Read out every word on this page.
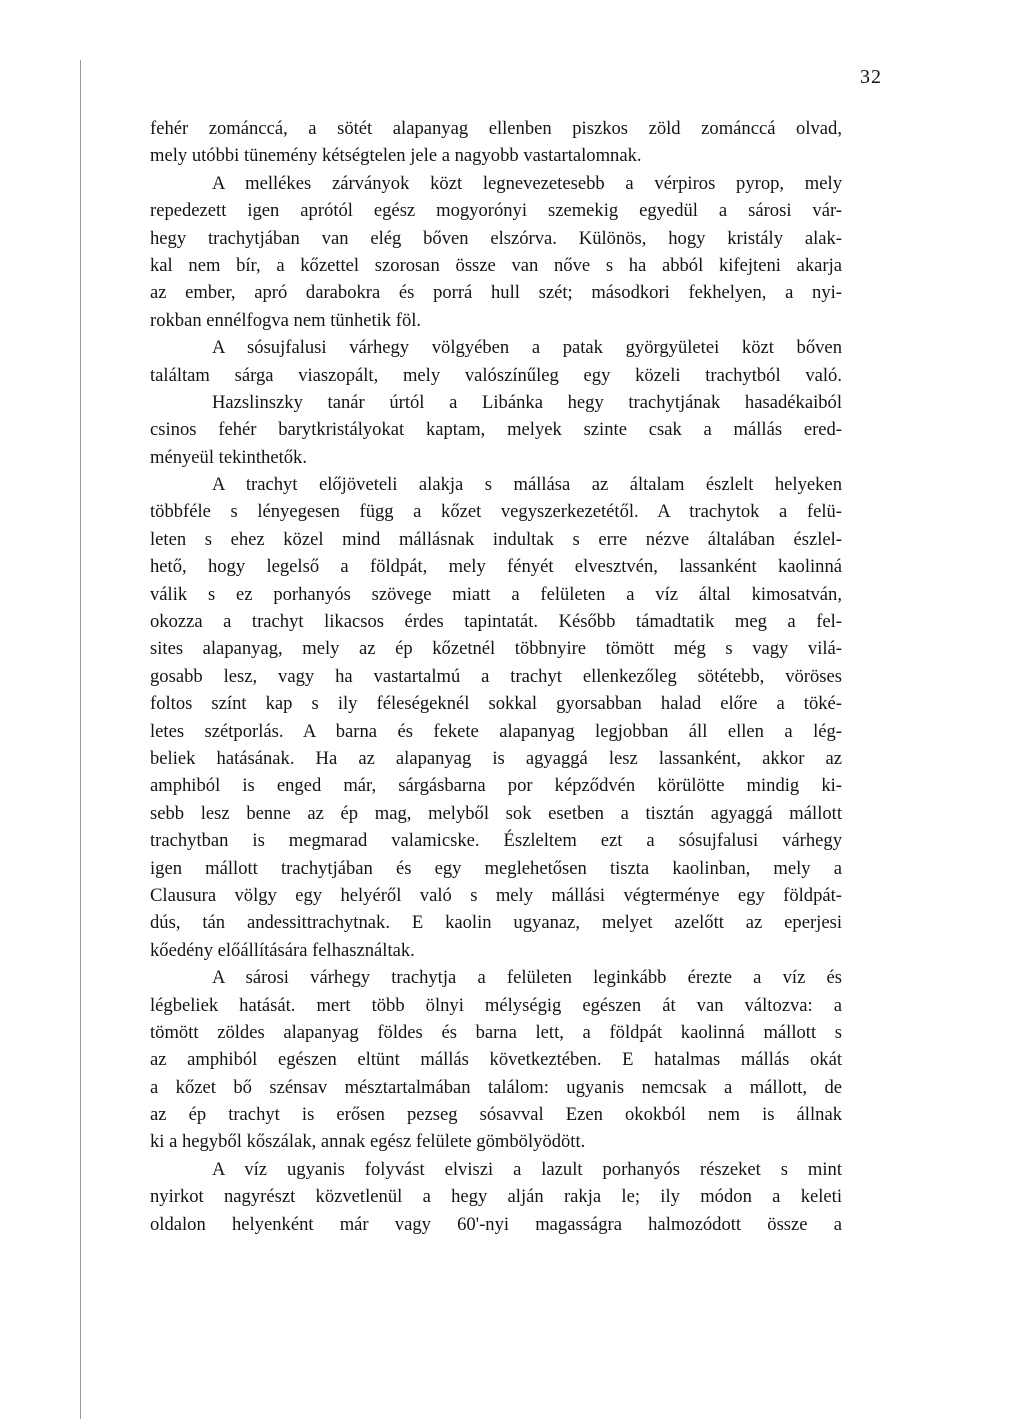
32
fehér zománccá, a sötét alapanyag ellenben piszkos zöld zománccá olvad,
mely utóbbi tünemény kétségtelen jele a nagyobb vastartalomnak.
A mellékes zárványok közt legnevezetesebb a vérpiros pyrop, mely
repedezett igen aprótól egész mogyorónyi szemekig egyedül a sárosi vár-
hegy trachytjában van elég bőven elszórva. Különös, hogy kristály alak-
kal nem bír, a kőzettel szorosan össze van nőve s ha abból kifejteni akarja
az ember, apró darabokra és porrá hull szét; másodkori fekhelyen, a nyi-
rokban ennélfogva nem tünhetik föl.
A sósujfalusi várhegy völgyében a patak györgyületei közt bőven
találtam sárga viaszopált, mely valószínűleg egy közeli trachytból való.
Hazslinszky tanár úrtól a Libánka hegy trachytjának hasadékaiból
csinos fehér barytkristályokat kaptam, melyek szinte csak a mállás ered-
ményeül tekinthetők.
A trachyt előjöveteli alakja s mállása az általam észlelt helyeken
többféle s lényegesen függ a kőzet vegyszerkezetétől. A trachytok a felü-
leten s ehez közel mind mállásnak indultak s erre nézve általában észlel-
hető, hogy legelső a földpát, mely fényét elvesztvén, lassanként kaolinná
válik s ez porhanyós szövege miatt a felületen a víz által kimosatván,
okozza a trachyt likacsos érdes tapintatát. Később támadtatik meg a fel-
sites alapanyag, mely az ép kőzetnél többnyire tömött még s vagy vilá-
gosabb lesz, vagy ha vastartalmú a trachyt ellenkezőleg sötétebb, vöröses
foltos színt kap s ily féleségeknél sokkal gyorsabban halad előre a töké-
letes szétporlás. A barna és fekete alapanyag legjobban áll ellen a lég-
beliek hatásának. Ha az alapanyag is agyaggá lesz lassanként, akkor az
amphiból is enged már, sárgásbarna por képződvén körülötte mindig ki-
sebb lesz benne az ép mag, melyből sok esetben a tisztán agyaggá mállott
trachytban is megmarad valamicske. Észleltem ezt a sósujfalusi várhegy
igen mállott trachytjában és egy meglehetősen tiszta kaolinban, mely a
Clausura völgy egy helyéről való s mely mállási végterménye egy földpát-
dús, tán andessittrachytnak. E kaolin ugyanaz, melyet azelőtt az eperjesi
kőedény előállítására felhasználtak.
A sárosi várhegy trachytja a felületen leginkább érezte a víz és
légbeliek hatását. mert több ölnyi mélységig egészen át van változva: a
tömött zöldes alapanyag földes és barna lett, a földpát kaolinná mállott s
az amphiból egészen eltünt mállás következtében. E hatalmas mállás okát
a kőzet bő szénsav mésztartalmában találom: ugyanis nemcsak a mállott, de
az ép trachyt is erősen pezseg sósavval Ezen okokból nem is állnak
ki a hegyből kőszálak, annak egész felülete gömbölyödött.
A víz ugyanis folyvást elviszi a lazult porhanyós részeket s mint
nyirkot nagyrészt közvetlenül a hegy alján rakja le; ily módon a keleti
oldalon helyenként már vagy 60'-nyi magasságra halmozódott össze a
